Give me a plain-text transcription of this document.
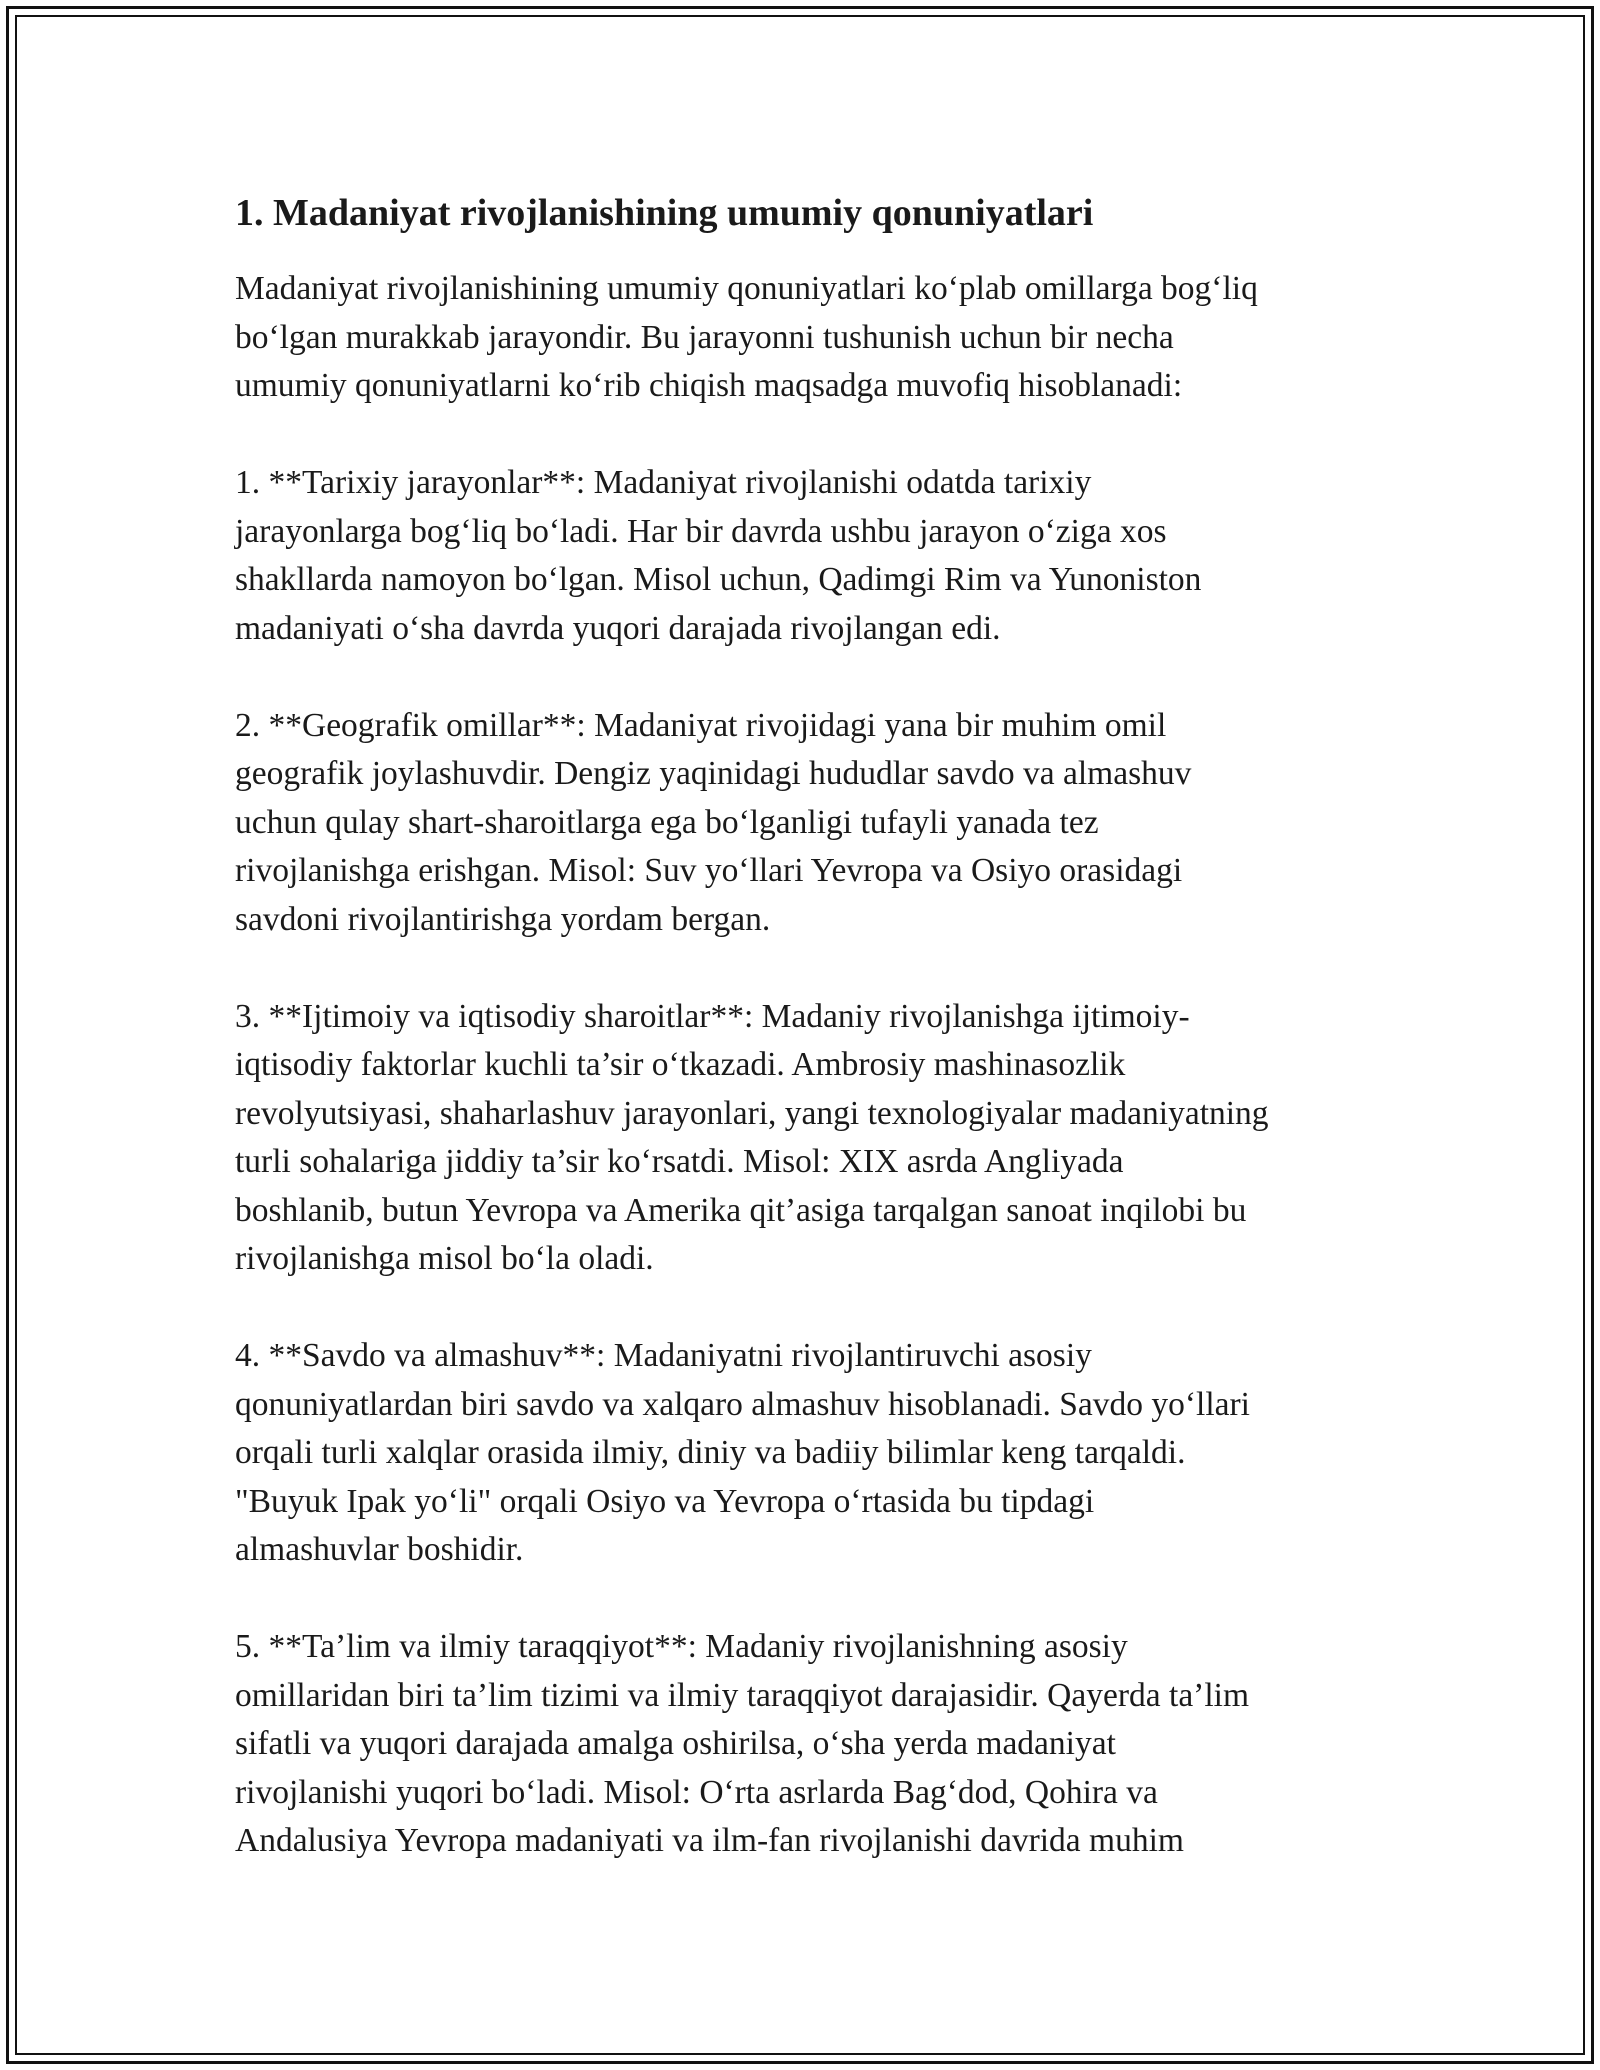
1. Madaniyat rivojlanishining umumiy qonuniyatlari
Madaniyat rivojlanishining umumiy qonuniyatlari koʻplab omillarga bogʻliq
boʻlgan murakkab jarayondir. Bu jarayonni tushunish uchun bir necha
umumiy qonuniyatlarni koʻrib chiqish maqsadga muvofiq hisoblanadi:
1. **Tarixiy jarayonlar**: Madaniyat rivojlanishi odatda tarixiy
jarayonlarga bogʻliq boʻladi. Har bir davrda ushbu jarayon oʻziga xos
shakllarda namoyon boʻlgan. Misol uchun, Qadimgi Rim va Yunoniston
madaniyati oʻsha davrda yuqori darajada rivojlangan edi.
2. **Geografik omillar**: Madaniyat rivojidagi yana bir muhim omil
geografik joylashuvdir. Dengiz yaqinidagi hududlar savdo va almashuv
uchun qulay shart-sharoitlarga ega boʻlganligi tufayli yanada tez
rivojlanishga erishgan. Misol: Suv yoʻllari Yevropa va Osiyo orasidagi
savdoni rivojlantirishga yordam bergan.
3. **Ijtimoiy va iqtisodiy sharoitlar**: Madaniy rivojlanishga ijtimoiy-
iqtisodiy faktorlar kuchli ta’sir oʻtkazadi. Ambrosiy mashinasozlik
revolyutsiyasi, shaharlashuv jarayonlari, yangi texnologiyalar madaniyatning
turli sohalariga jiddiy ta’sir koʻrsatdi. Misol: XIX asrda Angliyada
boshlanib, butun Yevropa va Amerika qit’asiga tarqalgan sanoat inqilobi bu
rivojlanishga misol boʻla oladi.
4. **Savdo va almashuv**: Madaniyatni rivojlantiruvchi asosiy
qonuniyatlardan biri savdo va xalqaro almashuv hisoblanadi. Savdo yoʻllari
orqali turli xalqlar orasida ilmiy, diniy va badiiy bilimlar keng tarqaldi.
"Buyuk Ipak yoʻli" orqali Osiyo va Yevropa oʻrtasida bu tipdagi
almashuvlar boshidir.
5. **Ta’lim va ilmiy taraqqiyot**: Madaniy rivojlanishning asosiy
omillaridan biri ta’lim tizimi va ilmiy taraqqiyot darajasidir. Qayerda ta’lim
sifatli va yuqori darajada amalga oshirilsa, oʻsha yerda madaniyat
rivojlanishi yuqori boʻladi. Misol: Oʻrta asrlarda Bagʻdod, Qohira va
Andalusiya Yevropa madaniyati va ilm-fan rivojlanishi davrida muhim
